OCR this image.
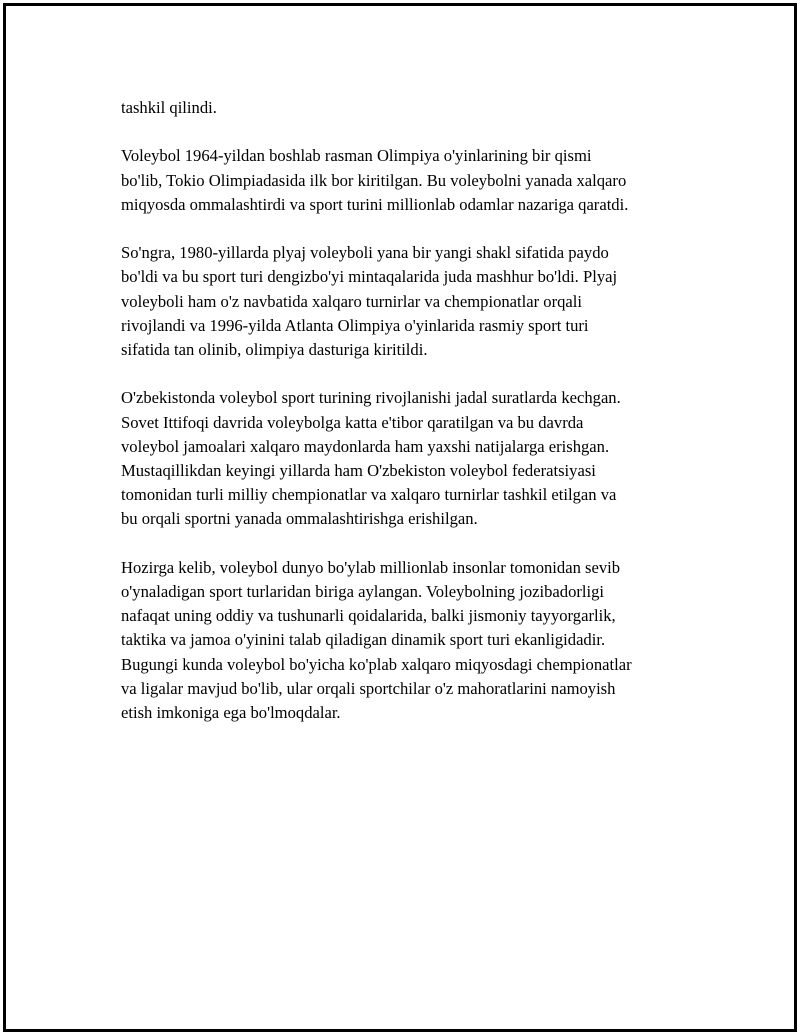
tashkil qilindi.

Voleybol 1964-yildan boshlab rasman Olimpiya o'yinlarining bir qismi
bo'lib, Tokio Olimpiadasida ilk bor kiritilgan. Bu voleybolni yanada xalqaro
miqyosda ommalashtirdi va sport turini millionlab odamlar nazariga qaratdi.

So'ngra, 1980-yillarda plyaj voleyboli yana bir yangi shakl sifatida paydo
bo'ldi va bu sport turi dengizbo'yi mintaqalarida juda mashhur bo'ldi. Plyaj
voleyboli ham o'z navbatida xalqaro turnirlar va chempionatlar orqali
rivojlandi va 1996-yilda Atlanta Olimpiya o'yinlarida rasmiy sport turi
sifatida tan olinib, olimpiya dasturiga kiritildi.

O'zbekistonda voleybol sport turining rivojlanishi jadal suratlarda kechgan.
Sovet Ittifoqi davrida voleybolga katta e'tibor qaratilgan va bu davrda
voleybol jamoalari xalqaro maydonlarda ham yaxshi natijalarga erishgan.
Mustaqillikdan keyingi yillarda ham O'zbekiston voleybol federatsiyasi
tomonidan turli milliy chempionatlar va xalqaro turnirlar tashkil etilgan va
bu orqali sportni yanada ommalashtirishga erishilgan.

Hozirga kelib, voleybol dunyo bo'ylab millionlab insonlar tomonidan sevib
o'ynaladigan sport turlaridan biriga aylangan. Voleybolning jozibadorligi
nafaqat uning oddiy va tushunarli qoidalarida, balki jismoniy tayyorgarlik,
taktika va jamoa o'yinini talab qiladigan dinamik sport turi ekanligidadir.
Bugungi kunda voleybol bo'yicha ko'plab xalqaro miqyosdagi chempionatlar
va ligalar mavjud bo'lib, ular orqali sportchilar o'z mahoratlarini namoyish
etish imkoniga ega bo'lmoqdalar.
